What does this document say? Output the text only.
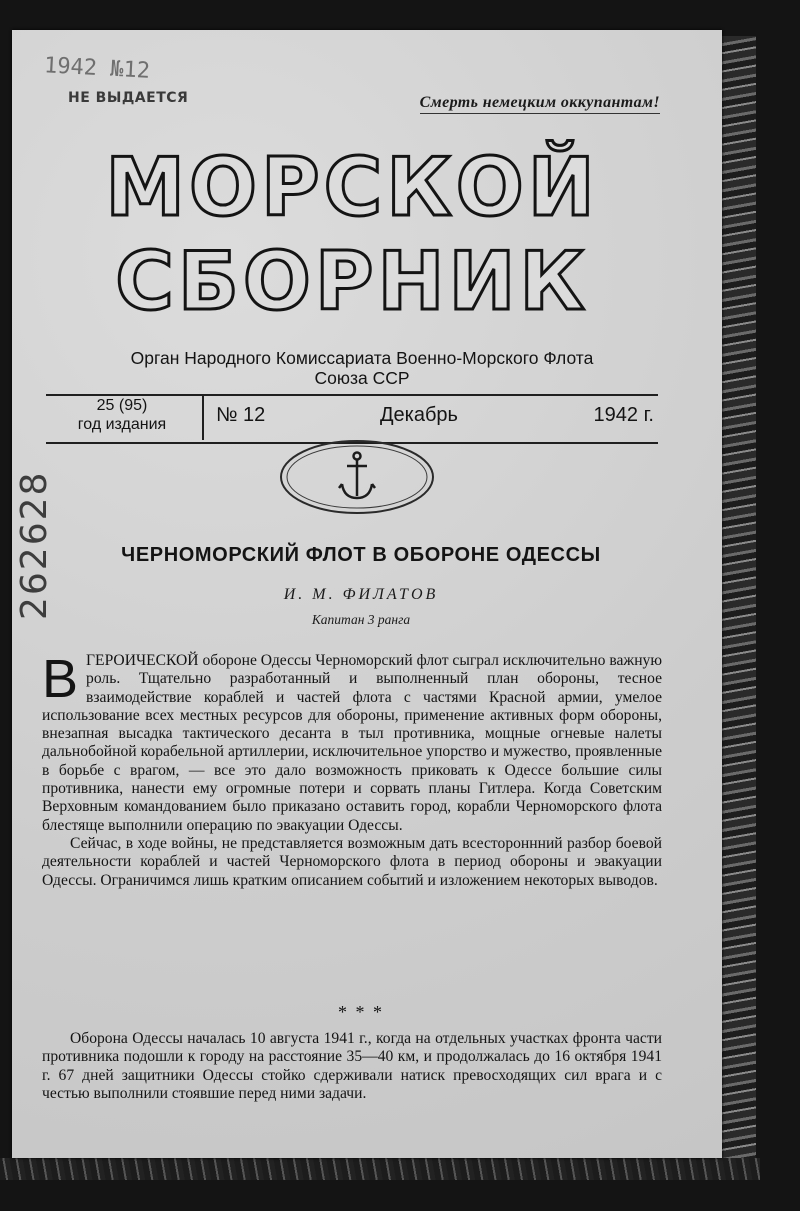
1942 №12
НЕ ВЫДАЕТСЯ	Смерть немецким оккупантам!
МОРСКОЙ
СБОРНИК
Орган Народного Комиссариата Военно-Морского Флота
Союза ССР
25 (95)
год издания	№ 12	Декабрь	1942 г.
262628	ЧЕРНОМОРСКИЙ ФЛОТ В ОБОРОНЕ ОДЕССЫ
И. М. ФИЛАТОВ
Капитан 3 ранга
В ГЕРОИЧЕСКОЙ обороне Одессы Черноморский флот сыграл исключительно важную роль. Тщательно разработанный и выполненный план обороны, тесное взаимодействие кораблей и частей флота с частями Красной армии, умелое использование всех местных ресурсов для обороны, применение активных форм обороны, внезапная высадка тактического десанта в тыл противника, мощные огневые налеты дальнобойной корабельной артиллерии, исключительное упорство и мужество, проявленные в борьбе с врагом, — все это дало возможность приковать к Одессе большие силы противника, нанести ему огромные потери и сорвать планы Гитлера. Когда Советским Верховным командованием было приказано оставить город, корабли Черноморского флота блестяще выполнили операцию по эвакуации Одессы.

Сейчас, в ходе войны, не представляется возможным дать всестороннний разбор боевой деятельности кораблей и частей Черноморского флота в период обороны и эвакуации Одессы. Ограничимся лишь кратким описанием событий и изложением некоторых выводов.

* * *

Оборона Одессы началась 10 августа 1941 г., когда на отдельных участках фронта части противника подошли к городу на расстояние 35—40 км, и продолжалась до 16 октября 1941 г. 67 дней защитники Одессы стойко сдерживали натиск превосходящих сил врага и с честью выполнили стоявшие перед ними задачи.
